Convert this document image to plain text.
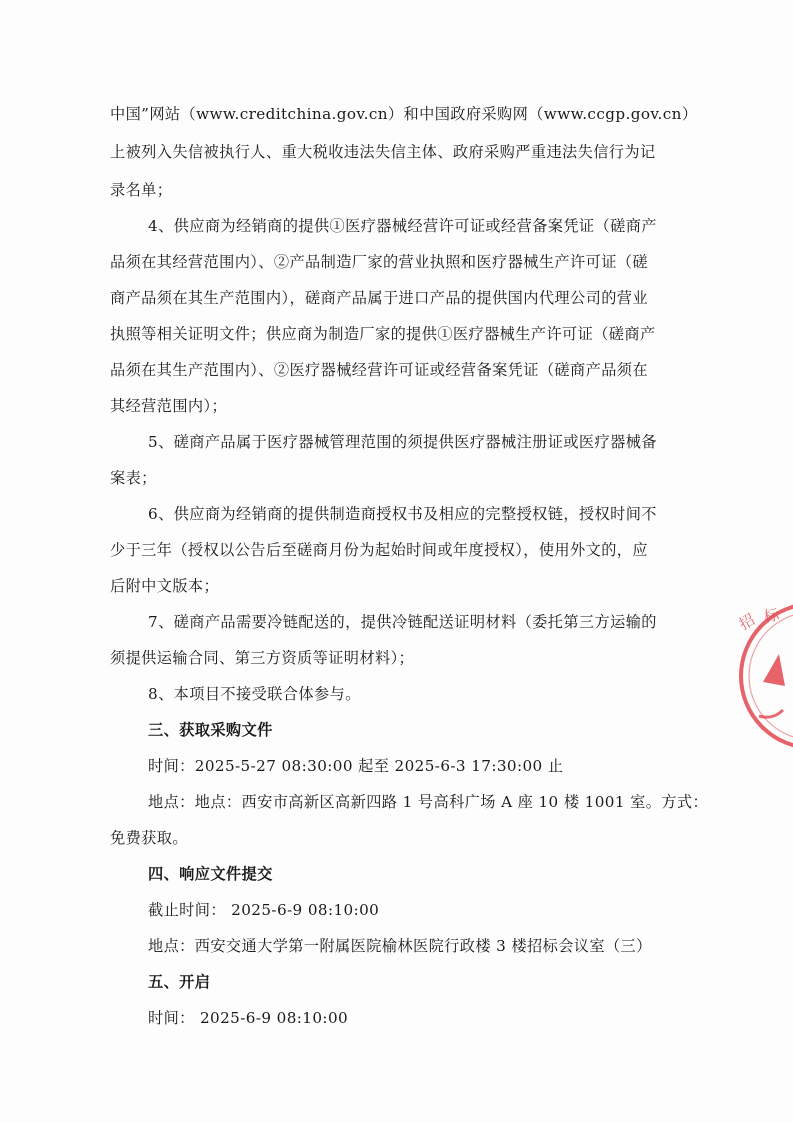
中国”网站（www.creditchina.gov.cn）和中国政府采购网（www.ccgp.gov.cn）
上被列入失信被执行人、重大税收违法失信主体、政府采购严重违法失信行为记
录名单；
4、供应商为经销商的提供①医疗器械经营许可证或经营备案凭证（磋商产
品须在其经营范围内）、②产品制造厂家的营业执照和医疗器械生产许可证（磋
商产品须在其生产范围内），磋商产品属于进口产品的提供国内代理公司的营业
执照等相关证明文件；供应商为制造厂家的提供①医疗器械生产许可证（磋商产
品须在其生产范围内）、②医疗器械经营许可证或经营备案凭证（磋商产品须在
其经营范围内）；
5、磋商产品属于医疗器械管理范围的须提供医疗器械注册证或医疗器械备
案表；
6、供应商为经销商的提供制造商授权书及相应的完整授权链，授权时间不
少于三年（授权以公告后至磋商月份为起始时间或年度授权），使用外文的，应
后附中文版本；
7、磋商产品需要冷链配送的，提供冷链配送证明材料（委托第三方运输的
须提供运输合同、第三方资质等证明材料）；
8、本项目不接受联合体参与。
三、获取采购文件
时间：2025-5-27 08:30:00 起至 2025-6-3 17:30:00 止
地点：地点：西安市高新区高新四路 1 号高科广场 A 座 10 楼 1001 室。方式：
免费获取。
四、响应文件提交
截止时间： 2025-6-9 08:10:00
地点：西安交通大学第一附属医院榆林医院行政楼 3 楼招标会议室（三）
五、开启
时间： 2025-6-9 08:10:00
招 标
